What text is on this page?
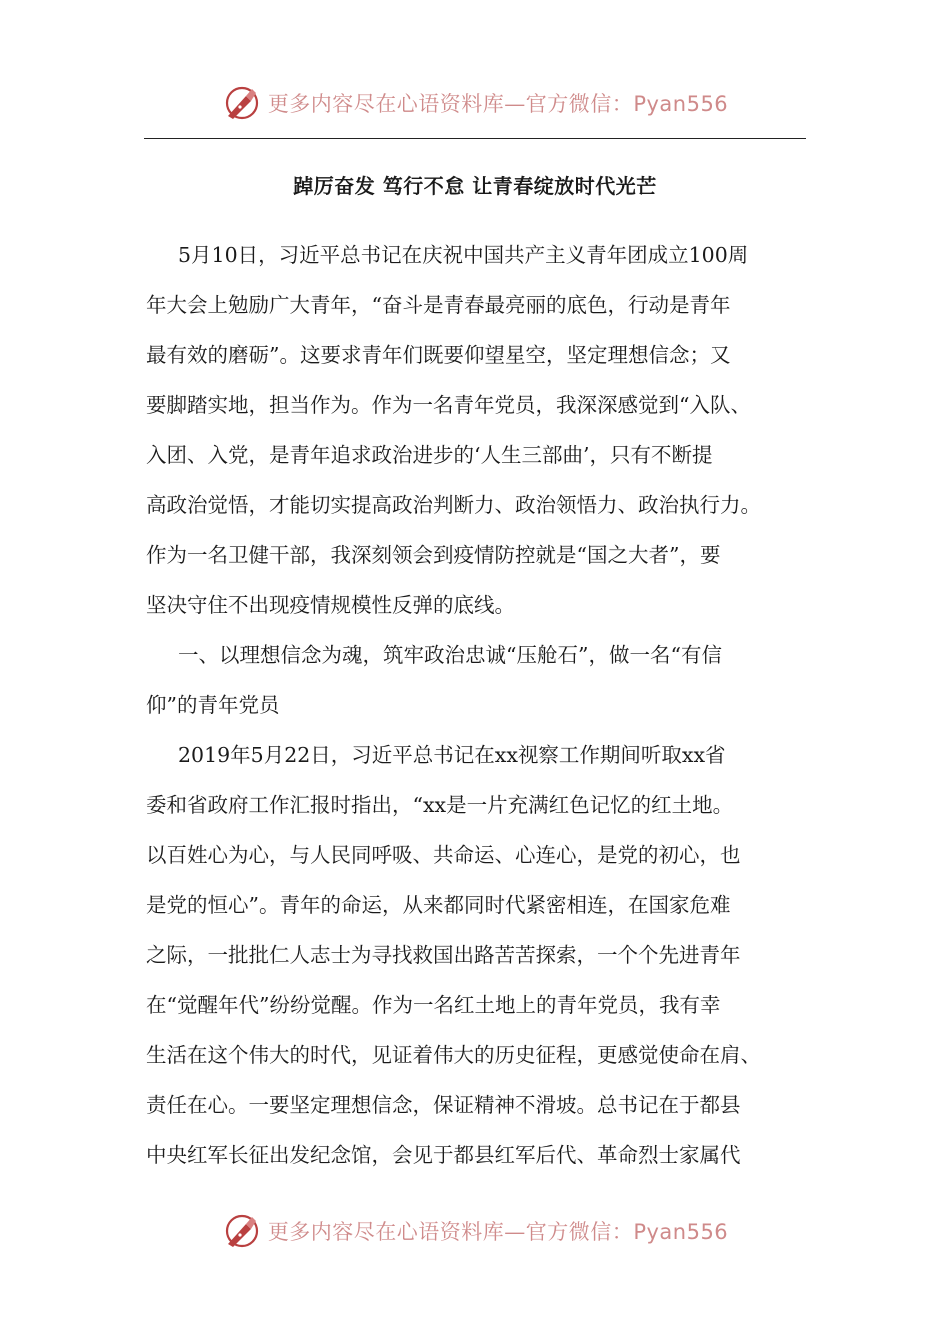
更多内容尽在心语资料库—官方微信：Pyan556
踔厉奋发 笃行不怠 让青春绽放时代光芒
5月10日，习近平总书记在庆祝中国共产主义青年团成立100周
年大会上勉励广大青年，“奋斗是青春最亮丽的底色，行动是青年
最有效的磨砺”。这要求青年们既要仰望星空，坚定理想信念；又
要脚踏实地，担当作为。作为一名青年党员，我深深感觉到“入队、
入团、入党，是青年追求政治进步的‘人生三部曲’，只有不断提
高政治觉悟，才能切实提高政治判断力、政治领悟力、政治执行力。
作为一名卫健干部，我深刻领会到疫情防控就是“国之大者”，要
坚决守住不出现疫情规模性反弹的底线。
一、以理想信念为魂，筑牢政治忠诚“压舱石”，做一名“有信
仰”的青年党员
2019年5月22日，习近平总书记在xx视察工作期间听取xx省
委和省政府工作汇报时指出，“xx是一片充满红色记忆的红土地。
以百姓心为心，与人民同呼吸、共命运、心连心，是党的初心，也
是党的恒心”。青年的命运，从来都同时代紧密相连，在国家危难
之际，一批批仁人志士为寻找救国出路苦苦探索，一个个先进青年
在“觉醒年代”纷纷觉醒。作为一名红土地上的青年党员，我有幸
生活在这个伟大的时代，见证着伟大的历史征程，更感觉使命在肩、
责任在心。一要坚定理想信念，保证精神不滑坡。总书记在于都县
中央红军长征出发纪念馆，会见于都县红军后代、革命烈士家属代
更多内容尽在心语资料库—官方微信：Pyan556
